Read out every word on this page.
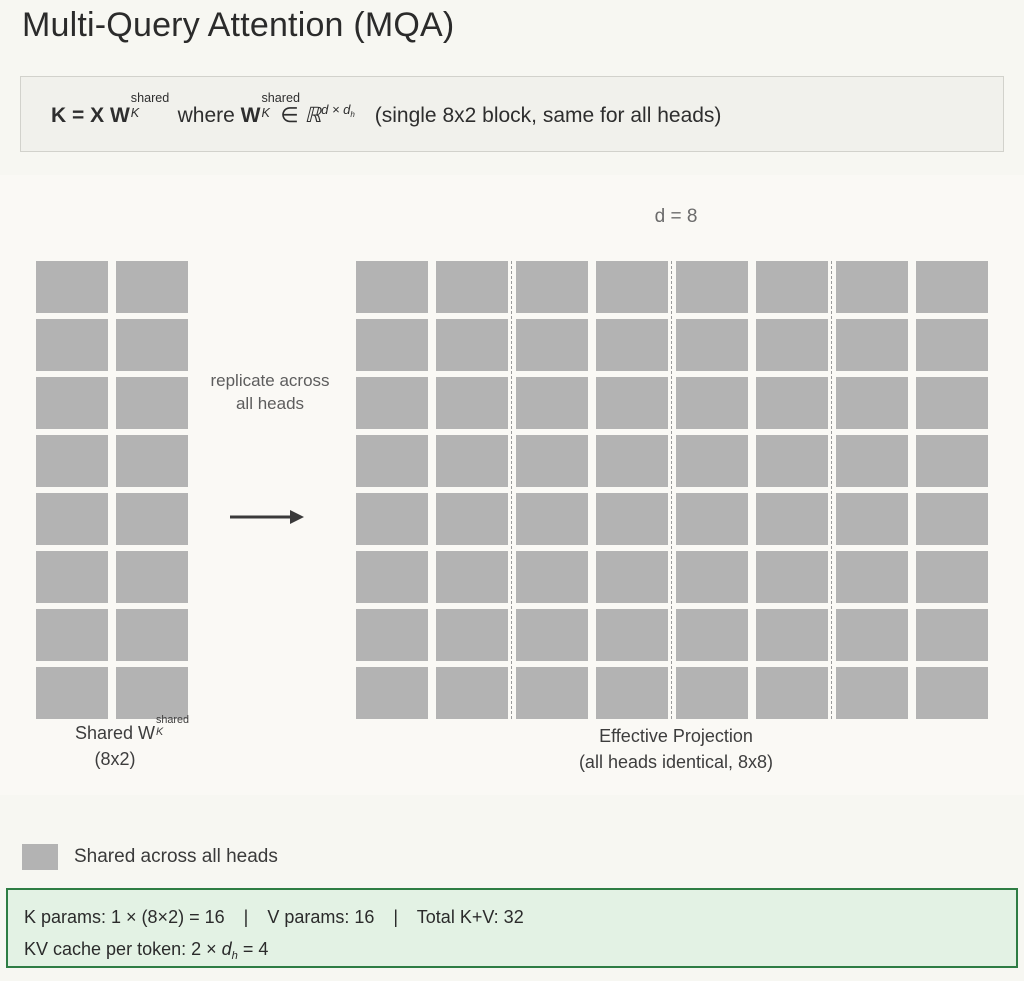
Multi-Query Attention (MQA)
K = X W
shared
K where W
shared
K ∈ ℝ$^{d \times d_h}$ (single 8x2 block, same for all heads)
d = 8
replicate across
all heads
Shared W
shared
K
(8x2)
Effective Projection
(all heads identical, 8x8)
Shared across all heads
K params: 1 × (8×2) = 16 | V params: 16 | Total K+V: 32
KV cache per token: $2 \times d_h = 4$
